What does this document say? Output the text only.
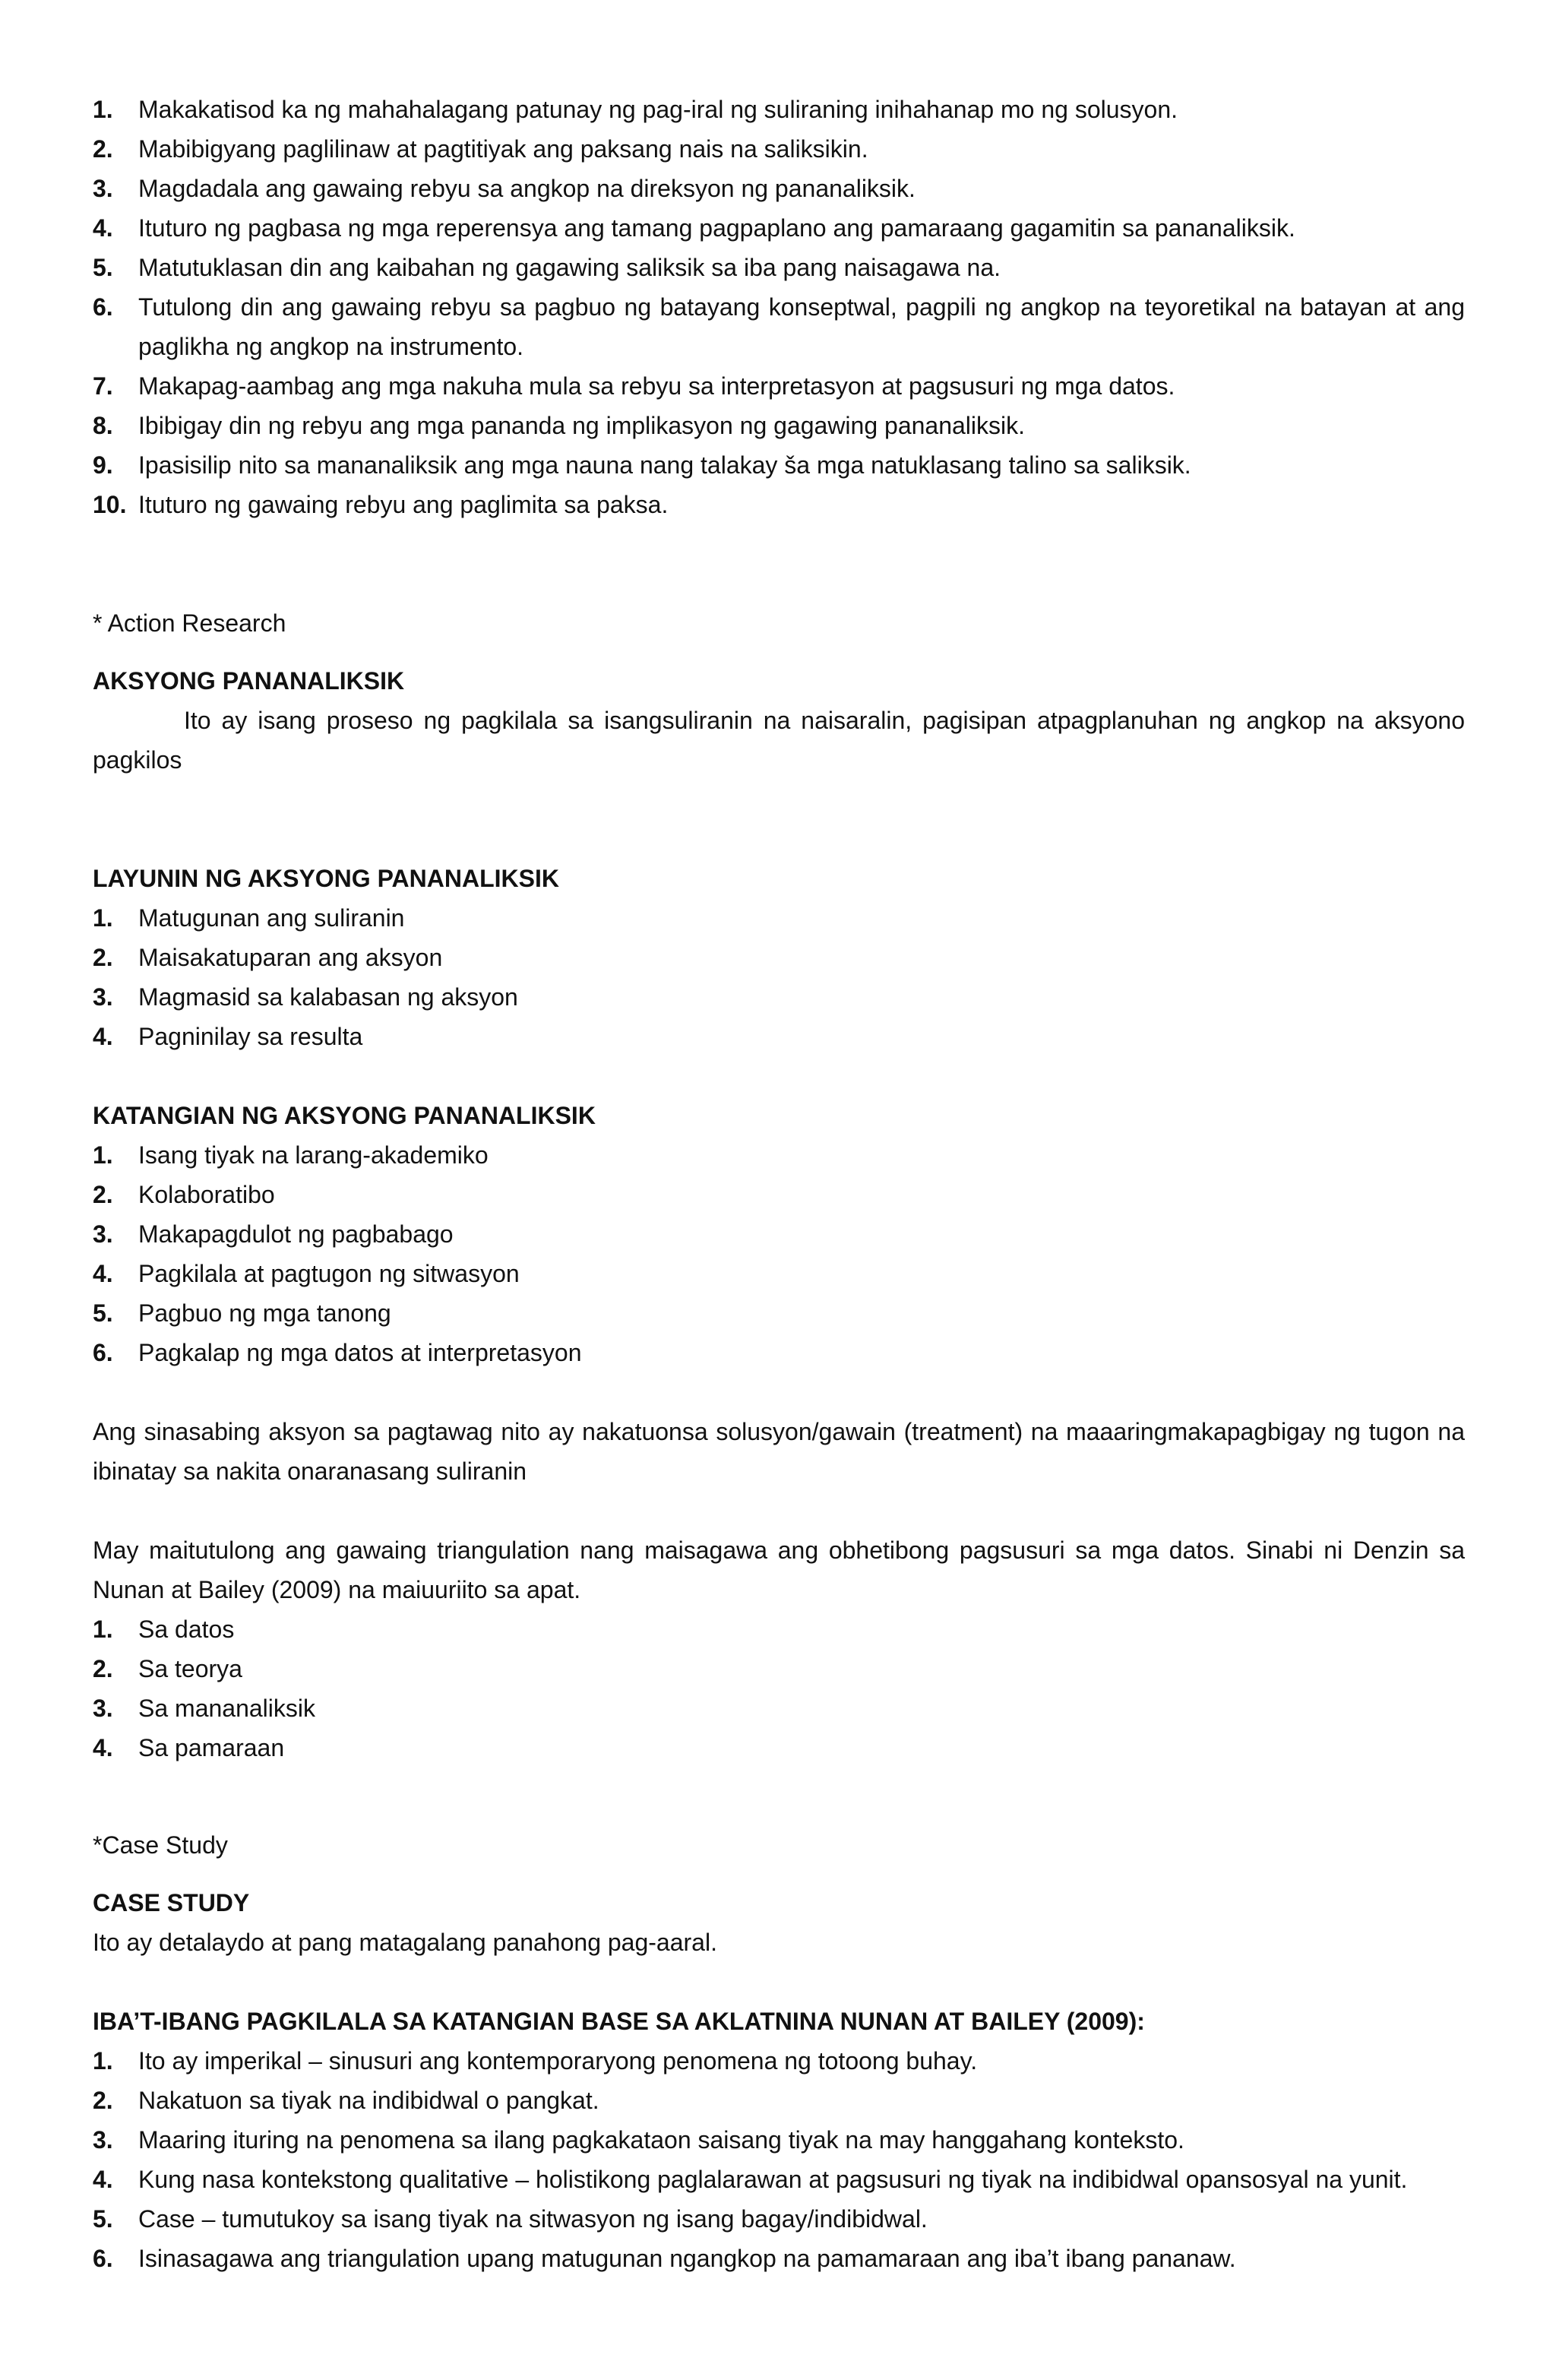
1. Makakatisod ka ng mahahalagang patunay ng pag-iral ng suliraning inihahanap mo ng solusyon.
2. Mabibigyang paglilinaw at pagtitiyak ang paksang nais na saliksikin.
3. Magdadala ang gawaing rebyu sa angkop na direksyon ng pananaliksik.
4. Ituturo ng pagbasa ng mga reperensya ang tamang pagpaplano ang pamaraang gagamitin sa pananaliksik.
5. Matutuklasan din ang kaibahan ng gagawing saliksik sa iba pang naisagawa na.
6. Tutulong din ang gawaing rebyu sa pagbuo ng batayang konseptwal, pagpili ng angkop na teyoretikal na batayan at ang paglikha ng angkop na instrumento.
7. Makapag-aambag ang mga nakuha mula sa rebyu sa interpretasyon at pagsusuri ng mga datos.
8. Ibibigay din ng rebyu ang mga pananda ng implikasyon ng gagawing pananaliksik.
9. Ipasisilip nito sa mananaliksik ang mga nauna nang talakay ša mga natuklasang talino sa saliksik.
10. Ituturo ng gawaing rebyu ang paglimita sa paksa.

* Action Research

AKSYONG PANANALIKSIK

Ito ay isang proseso ng pagkilala sa isangsuliranin na naisaralin, pagisipan atpagplanuhan ng angkop na aksyono pagkilos

LAYUNIN NG AKSYONG PANANALIKSIK

1. Matugunan ang suliranin
2. Maisakatuparan ang aksyon
3. Magmasid sa kalabasan ng aksyon
4. Pagninilay sa resulta

KATANGIAN NG AKSYONG PANANALIKSIK

1. Isang tiyak na larang-akademiko
2. Kolaboratibo
3. Makapagdulot ng pagbabago
4. Pagkilala at pagtugon ng sitwasyon
5. Pagbuo ng mga tanong
6. Pagkalap ng mga datos at interpretasyon

Ang sinasabing aksyon sa pagtawag nito ay nakatuonsa solusyon/gawain (treatment) na maaaringmakapagbigay ng tugon na ibinatay sa nakita onaranasang suliranin

May maitutulong ang gawaing triangulation nang maisagawa ang obhetibong pagsusuri sa mga datos. Sinabi ni Denzin sa Nunan at Bailey (2009) na maiuuriito sa apat.

1. Sa datos
2. Sa teorya
3. Sa mananaliksik
4. Sa pamaraan

*Case Study

CASE STUDY

Ito ay detalaydo at pang matagalang panahong pag-aaral.

IBA’T-IBANG PAGKILALA SA KATANGIAN BASE SA AKLATNINA NUNAN AT BAILEY (2009):

1. Ito ay imperikal – sinusuri ang kontemporaryong penomena ng totoong buhay.
2. Nakatuon sa tiyak na indibidwal o pangkat.
3. Maaring ituring na penomena sa ilang pagkakataon saisang tiyak na may hanggahang konteksto.
4. Kung nasa kontekstong qualitative – holistikong paglalarawan at pagsusuri ng tiyak na indibidwal opansosyal na yunit.
5. Case – tumutukoy sa isang tiyak na sitwasyon ng isang bagay/indibidwal.
6. Isinasagawa ang triangulation upang matugunan ngangkop na pamamaraan ang iba’t ibang pananaw.
